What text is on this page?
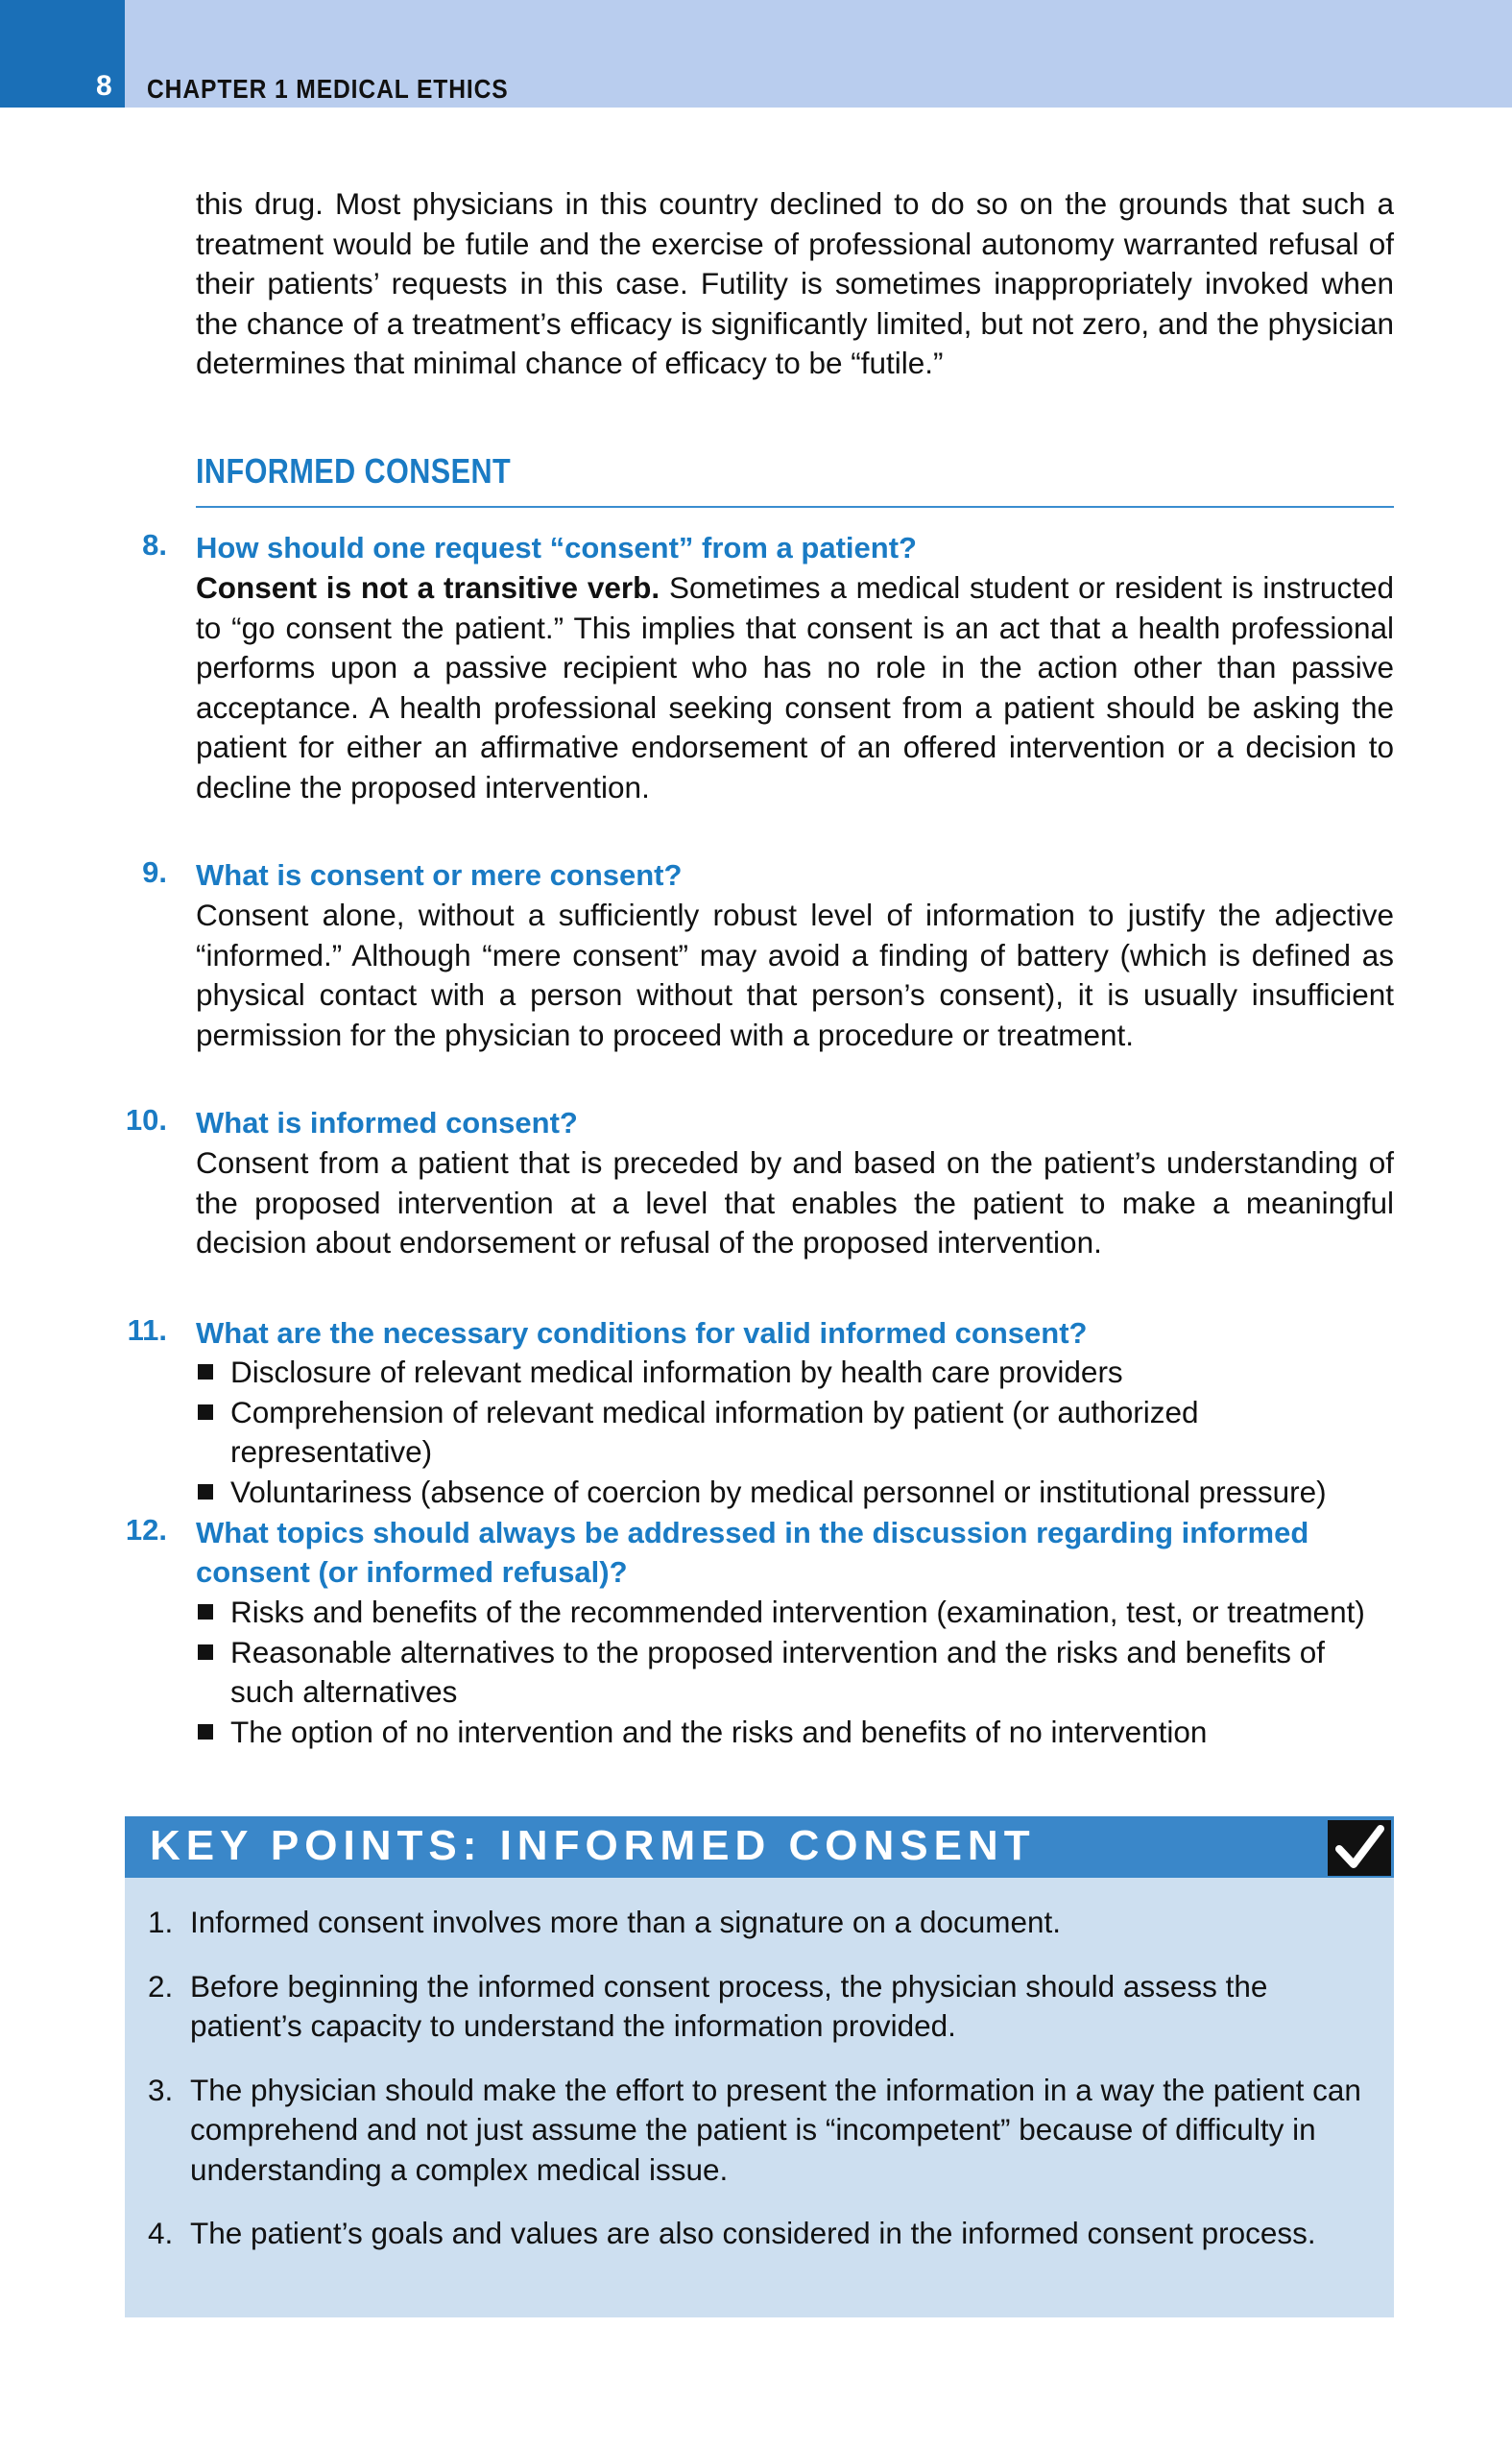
8 CHAPTER 1 MEDICAL ETHICS
this drug. Most physicians in this country declined to do so on the grounds that such a treatment would be futile and the exercise of professional autonomy warranted refusal of their patients’ requests in this case. Futility is sometimes inappropriately invoked when the chance of a treatment’s efficacy is significantly limited, but not zero, and the physician determines that minimal chance of efficacy to be “futile.”
INFORMED CONSENT
8. How should one request “consent” from a patient?
Consent is not a transitive verb. Sometimes a medical student or resident is instructed to “go consent the patient.” This implies that consent is an act that a health professional performs upon a passive recipient who has no role in the action other than passive acceptance. A health professional seeking consent from a patient should be asking the patient for either an affirmative endorsement of an offered intervention or a decision to decline the proposed intervention.
9. What is consent or mere consent?
Consent alone, without a sufficiently robust level of information to justify the adjective “informed.” Although “mere consent” may avoid a finding of battery (which is defined as physical contact with a person without that person’s consent), it is usually insufficient permission for the physician to proceed with a procedure or treatment.
10. What is informed consent?
Consent from a patient that is preceded by and based on the patient’s understanding of the proposed intervention at a level that enables the patient to make a meaningful decision about endorsement or refusal of the proposed intervention.
11. What are the necessary conditions for valid informed consent?
Disclosure of relevant medical information by health care providers
Comprehension of relevant medical information by patient (or authorized representative)
Voluntariness (absence of coercion by medical personnel or institutional pressure)
12. What topics should always be addressed in the discussion regarding informed consent (or informed refusal)?
Risks and benefits of the recommended intervention (examination, test, or treatment)
Reasonable alternatives to the proposed intervention and the risks and benefits of such alternatives
The option of no intervention and the risks and benefits of no intervention
KEY POINTS: INFORMED CONSENT
1. Informed consent involves more than a signature on a document.
2. Before beginning the informed consent process, the physician should assess the patient’s capacity to understand the information provided.
3. The physician should make the effort to present the information in a way the patient can comprehend and not just assume the patient is “incompetent” because of difficulty in understanding a complex medical issue.
4. The patient’s goals and values are also considered in the informed consent process.
